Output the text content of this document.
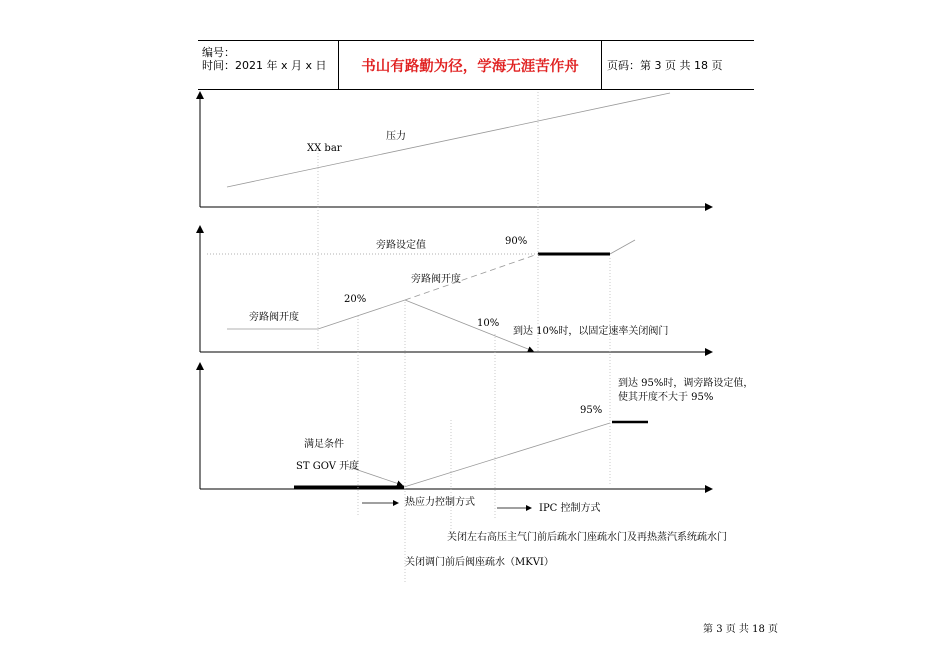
编号：
时间：2021 年 x 月 x 日	书山有路勤为径，学海无涯苦作舟	页码：第 3 页 共 18 页
XX bar
压力
旁路设定值	90%
旁路阀开度
20%
旁路阀开度
10%
到达 10%时，以固定速率关闭阀门
到达 95%时，调旁路设定值，
使其开度不大于 95%
95%
满足条件
ST GOV 开度
热应力控制方式
IPC 控制方式
关闭左右高压主气门前后疏水门座疏水门及再热蒸汽系统疏水门
关闭调门前后阀座疏水（MKVI）
第 3 页 共 18 页
